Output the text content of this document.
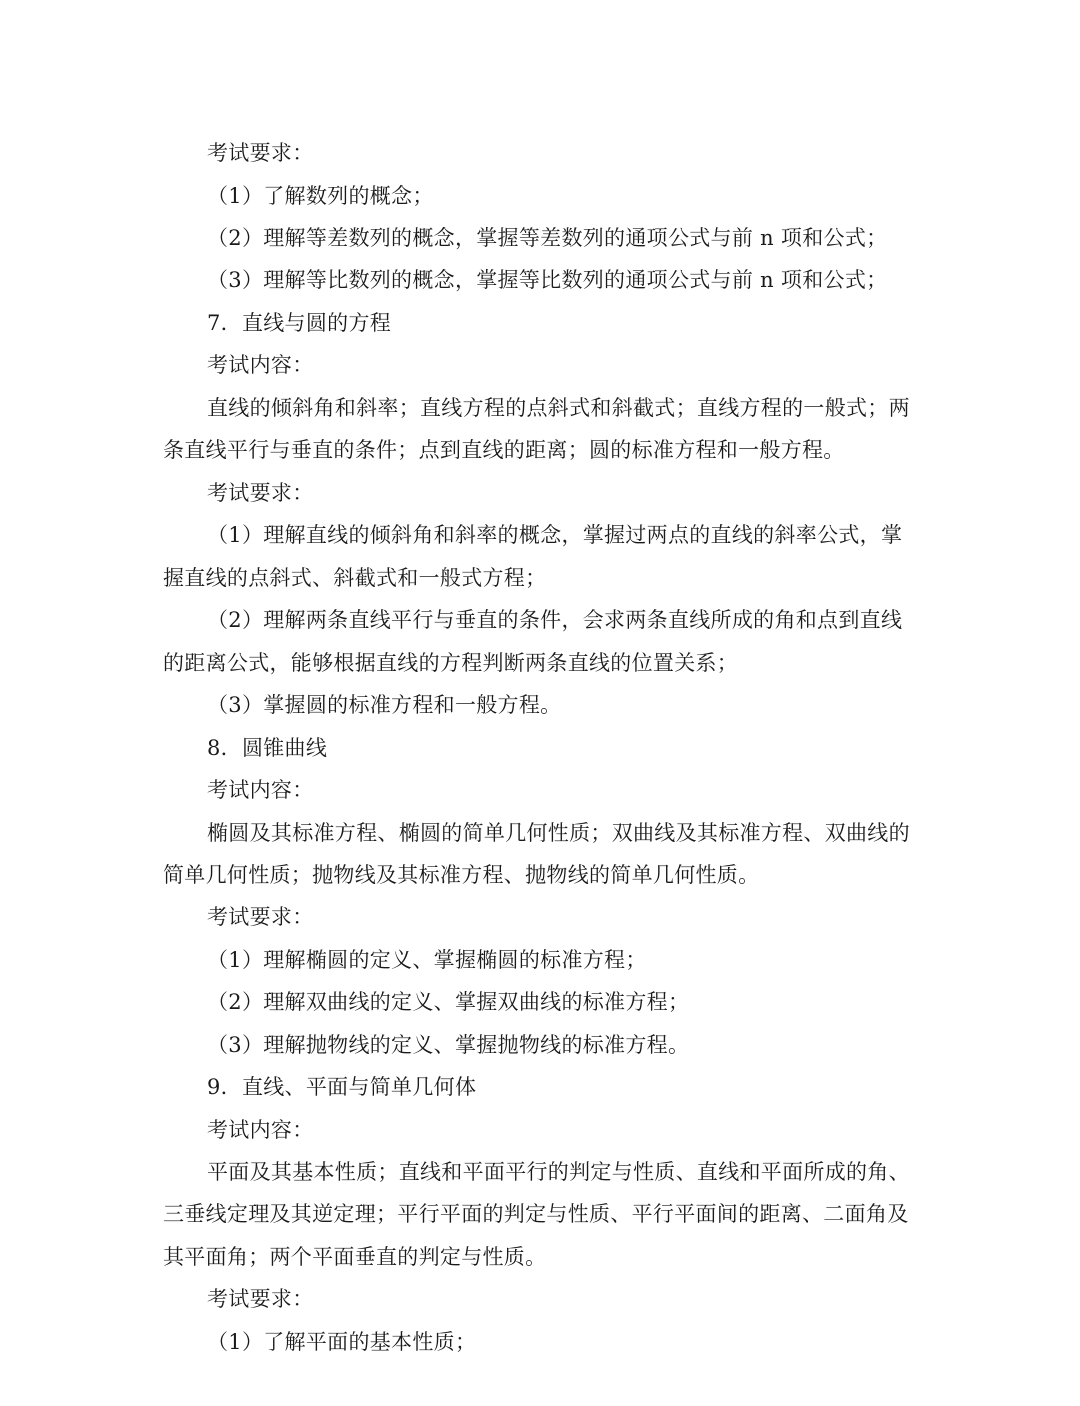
考试要求：
（1）了解数列的概念；
（2）理解等差数列的概念，掌握等差数列的通项公式与前 n 项和公式；
（3）理解等比数列的概念，掌握等比数列的通项公式与前 n 项和公式；
7．直线与圆的方程
考试内容：
直线的倾斜角和斜率；直线方程的点斜式和斜截式；直线方程的一般式；两
条直线平行与垂直的条件；点到直线的距离；圆的标准方程和一般方程。
考试要求：
（1）理解直线的倾斜角和斜率的概念，掌握过两点的直线的斜率公式，掌
握直线的点斜式、斜截式和一般式方程；
（2）理解两条直线平行与垂直的条件，会求两条直线所成的角和点到直线
的距离公式，能够根据直线的方程判断两条直线的位置关系；
（3）掌握圆的标准方程和一般方程。
8．圆锥曲线
考试内容：
椭圆及其标准方程、椭圆的简单几何性质；双曲线及其标准方程、双曲线的
简单几何性质；抛物线及其标准方程、抛物线的简单几何性质。
考试要求：
（1）理解椭圆的定义、掌握椭圆的标准方程；
（2）理解双曲线的定义、掌握双曲线的标准方程；
（3）理解抛物线的定义、掌握抛物线的标准方程。
9．直线、平面与简单几何体
考试内容：
平面及其基本性质；直线和平面平行的判定与性质、直线和平面所成的角、
三垂线定理及其逆定理；平行平面的判定与性质、平行平面间的距离、二面角及
其平面角；两个平面垂直的判定与性质。
考试要求：
（1）了解平面的基本性质；
